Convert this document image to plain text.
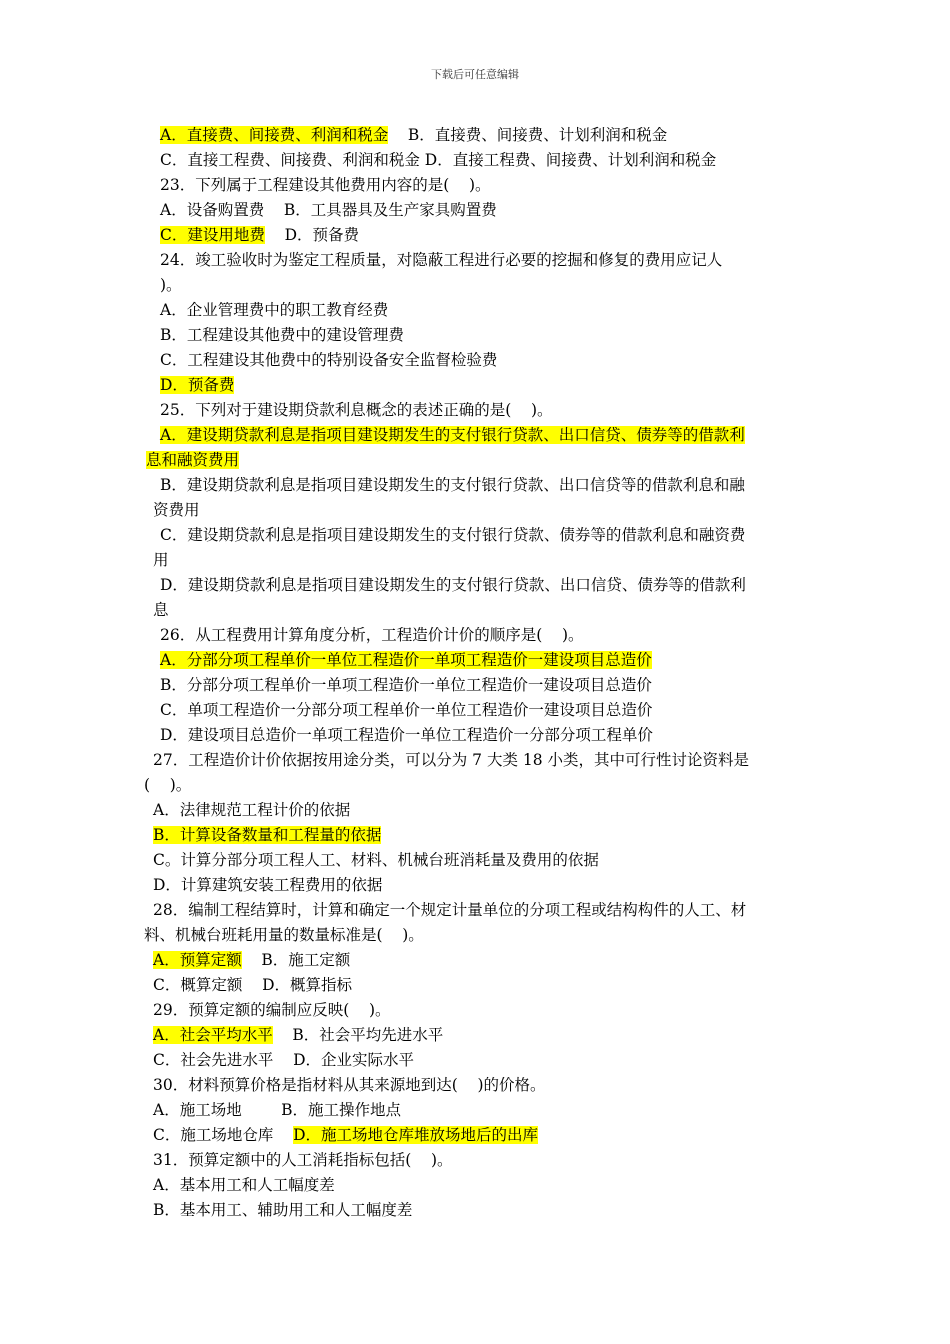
下载后可任意编辑
A．直接费、间接费、利润和税金    B．直接费、间接费、计划利润和税金
C．直接工程费、间接费、利润和税金 D．直接工程费、间接费、计划利润和税金
23．下列属于工程建设其他费用内容的是(    )。
A．设备购置费    B．工具器具及生产家具购置费
C．建设用地费    D．预备费
24．竣工验收时为鉴定工程质量，对隐蔽工程进行必要的挖掘和修复的费用应记人
)。
A．企业管理费中的职工教育经费
B．工程建设其他费中的建设管理费
C．工程建设其他费中的特别设备安全监督检验费
D．预备费
25．下列对于建设期贷款利息概念的表述正确的是(    )。
A．建设期贷款利息是指项目建设期发生的支付银行贷款、出口信贷、债券等的借款利
息和融资费用
B．建设期贷款利息是指项目建设期发生的支付银行贷款、出口信贷等的借款利息和融
资费用
C．建设期贷款利息是指项目建设期发生的支付银行贷款、债券等的借款利息和融资费
用
D．建设期贷款利息是指项目建设期发生的支付银行贷款、出口信贷、债券等的借款利
息
26．从工程费用计算角度分析，工程造价计价的顺序是(    )。
A．分部分项工程单价一单位工程造价一单项工程造价一建设项目总造价
B．分部分项工程单价一单项工程造价一单位工程造价一建设项目总造价
C．单项工程造价一分部分项工程单价一单位工程造价一建设项目总造价
D．建设项目总造价一单项工程造价一单位工程造价一分部分项工程单价
27．工程造价计价依据按用途分类，可以分为 7 大类 18 小类，其中可行性讨论资料是
(    )。
A．法律规范工程计价的依据
B．计算设备数量和工程量的依据
C。计算分部分项工程人工、材料、机械台班消耗量及费用的依据
D．计算建筑安装工程费用的依据
28．编制工程结算时，计算和确定一个规定计量单位的分项工程或结构构件的人工、材
料、机械台班耗用量的数量标准是(    )。
A．预算定额    B．施工定额
C．概算定额    D．概算指标
29．预算定额的编制应反映(    )。
A．社会平均水平    B．社会平均先进水平
C．社会先进水平    D．企业实际水平
30．材料预算价格是指材料从其来源地到达(    )的价格。
A．施工场地        B．施工操作地点
C．施工场地仓库    D．施工场地仓库堆放场地后的出库
31．预算定额中的人工消耗指标包括(    )。
A．基本用工和人工幅度差
B．基本用工、辅助用工和人工幅度差
